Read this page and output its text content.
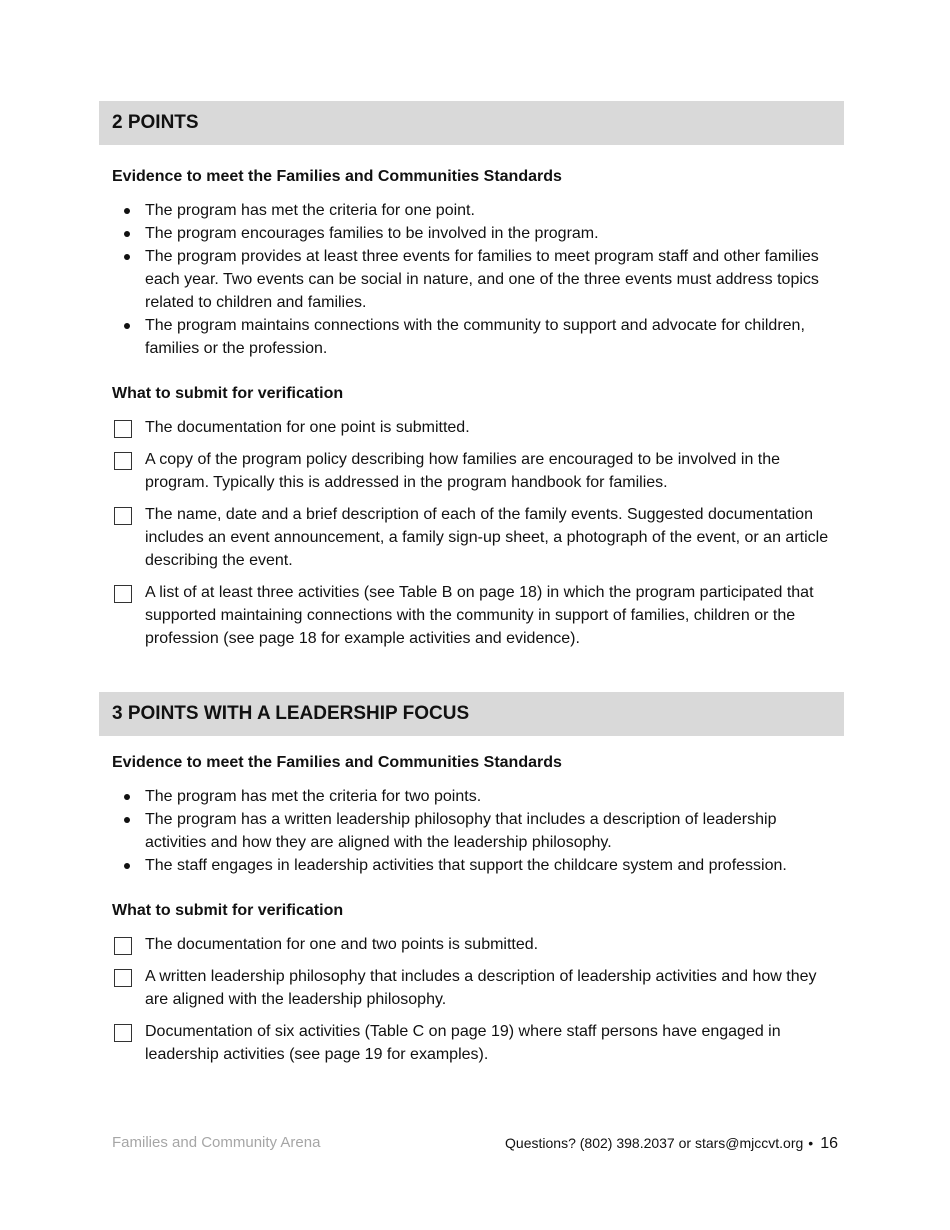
2 POINTS
Evidence to meet the Families and Communities Standards
The program has met the criteria for one point.
The program encourages families to be involved in the program.
The program provides at least three events for families to meet program staff and other families each year. Two events can be social in nature, and one of the three events must address topics related to children and families.
The program maintains connections with the community to support and advocate for children, families or the profession.
What to submit for verification
The documentation for one point is submitted.
A copy of the program policy describing how families are encouraged to be involved in the program. Typically this is addressed in the program handbook for families.
The name, date and a brief description of each of the family events. Suggested documentation includes an event announcement, a family sign-up sheet, a photograph of the event, or an article describing the event.
A list of at least three activities (see Table B on page 18) in which the program participated that supported maintaining connections with the community in support of families, children or the profession (see page 18 for example activities and evidence).
3 POINTS WITH A LEADERSHIP FOCUS
Evidence to meet the Families and Communities Standards
The program has met the criteria for two points.
The program has a written leadership philosophy that includes a description of leadership activities and how they are aligned with the leadership philosophy.
The staff engages in leadership activities that support the childcare system and profession.
What to submit for verification
The documentation for one and two points is submitted.
A written leadership philosophy that includes a description of leadership activities and how they are aligned with the leadership philosophy.
Documentation of six activities (Table C on page 19) where staff persons have engaged in leadership activities (see page 19 for examples).
Families and Community Arena	Questions? (802) 398.2037 or stars@mjccvt.org • 16
